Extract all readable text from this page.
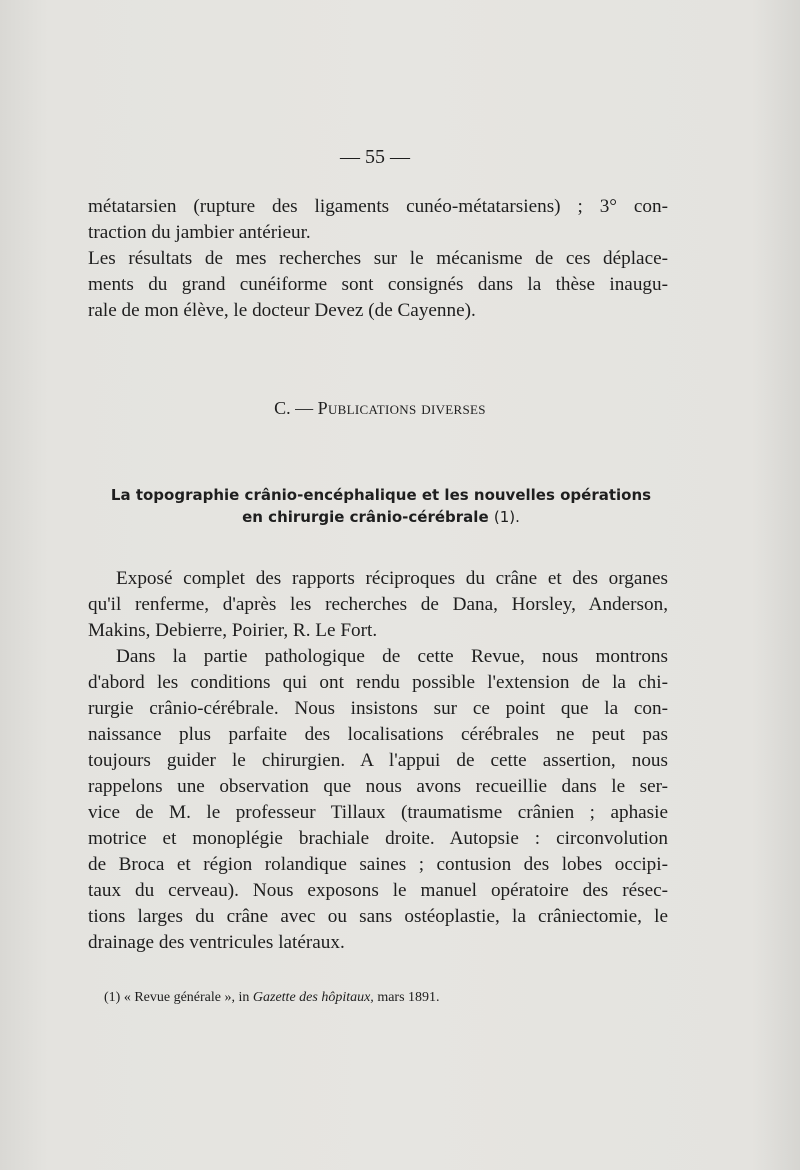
— 55 —

métatarsien (rupture des ligaments cunéo-métatarsiens) ; 3° con-
traction du jambier antérieur.

Les résultats de mes recherches sur le mécanisme de ces déplace-
ments du grand cunéiforme sont consignés dans la thèse inaugu-
rale de mon élève, le docteur Devez (de Cayenne).

C. — Publications diverses
La topographie crânio-encéphalique et les nouvelles opérations
en chirurgie crânio-cérébrale (1).

Exposé complet des rapports réciproques du crâne et des organes
qu'il renferme, d'après les recherches de Dana, Horsley, Anderson,
Makins, Debierre, Poirier, R. Le Fort.

Dans la partie pathologique de cette Revue, nous montrons
d'abord les conditions qui ont rendu possible l'extension de la chi-
rurgie crânio-cérébrale. Nous insistons sur ce point que la con-
naissance plus parfaite des localisations cérébrales ne peut pas
toujours guider le chirurgien. A l'appui de cette assertion, nous
rappelons une observation que nous avons recueillie dans le ser-
vice de M. le professeur Tillaux (traumatisme crânien ; aphasie
motrice et monoplégie brachiale droite. Autopsie : circonvolution
de Broca et région rolandique saines ; contusion des lobes occipi-
taux du cerveau). Nous exposons le manuel opératoire des résec-
tions larges du crâne avec ou sans ostéoplastie, la crâniectomie, le
drainage des ventricules latéraux.

(1) « Revue générale », in Gazette des hôpitaux, mars 1891.
